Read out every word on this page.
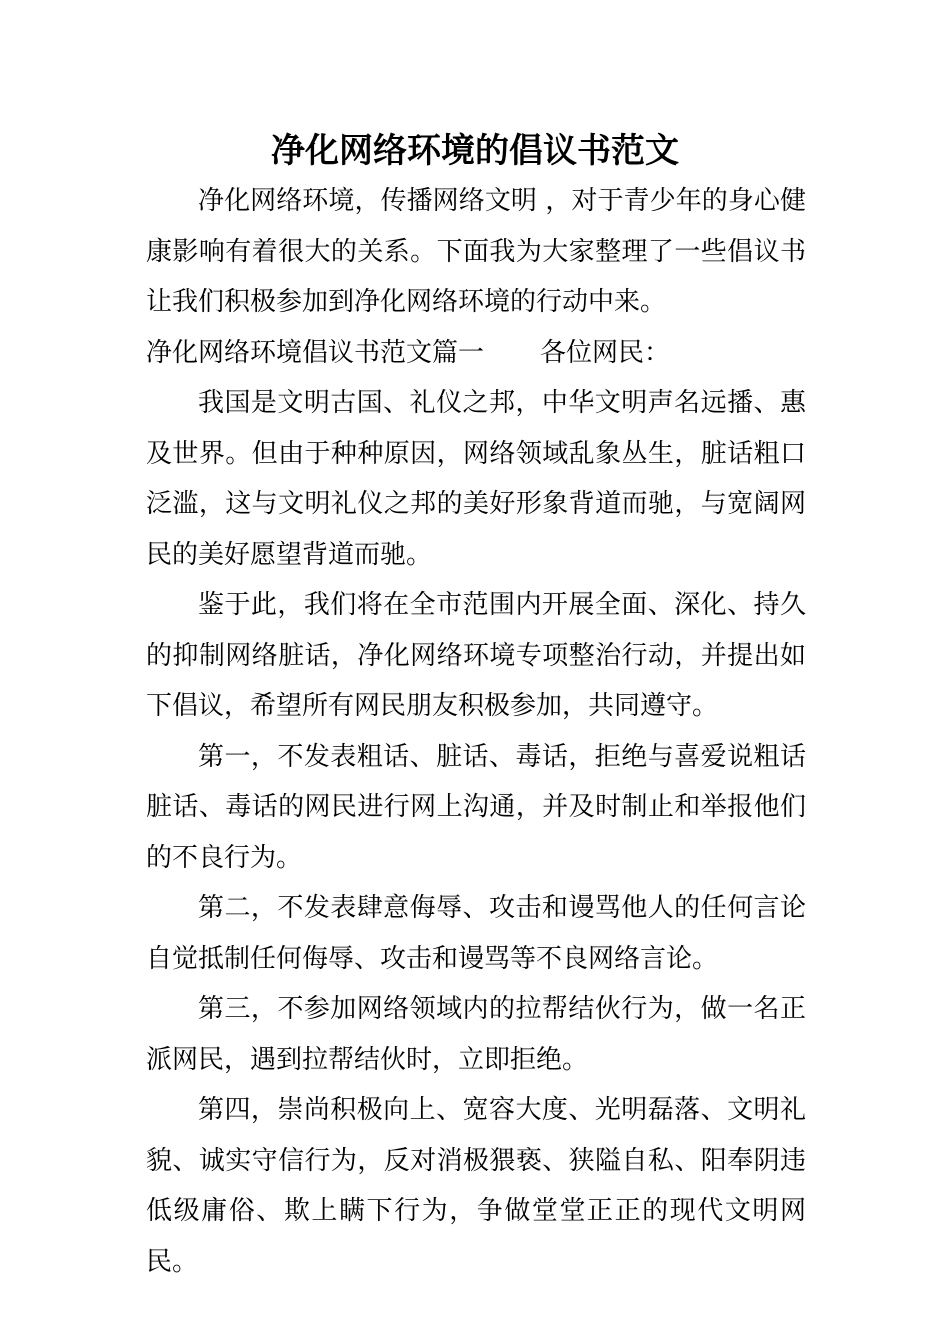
净化网络环境的倡议书范文

净化网络环境，传播网络文明 ，对于青少年的身心健康影响有着很大的关系。下面我为大家整理了一些倡议书让我们积极参加到净化网络环境的行动中来。

净化网络环境倡议书范文篇一 各位网民：

我国是文明古国、礼仪之邦，中华文明声名远播、惠及世界。但由于种种原因，网络领域乱象丛生，脏话粗口泛滥，这与文明礼仪之邦的美好形象背道而驰，与宽阔网民的美好愿望背道而驰。

鉴于此，我们将在全市范围内开展全面、深化、持久的抑制网络脏话，净化网络环境专项整治行动，并提出如下倡议，希望所有网民朋友积极参加，共同遵守。

第一，不发表粗话、脏话、毒话，拒绝与喜爱说粗话脏话、毒话的网民进行网上沟通，并及时制止和举报他们的不良行为。

第二，不发表肆意侮辱、攻击和谩骂他人的任何言论自觉抵制任何侮辱、攻击和谩骂等不良网络言论。

第三，不参加网络领域内的拉帮结伙行为，做一名正派网民，遇到拉帮结伙时，立即拒绝。

第四，崇尚积极向上、宽容大度、光明磊落、文明礼貌、诚实守信行为，反对消极猥亵、狭隘自私、阳奉阴违低级庸俗、欺上瞒下行为，争做堂堂正正的现代文明网民。
